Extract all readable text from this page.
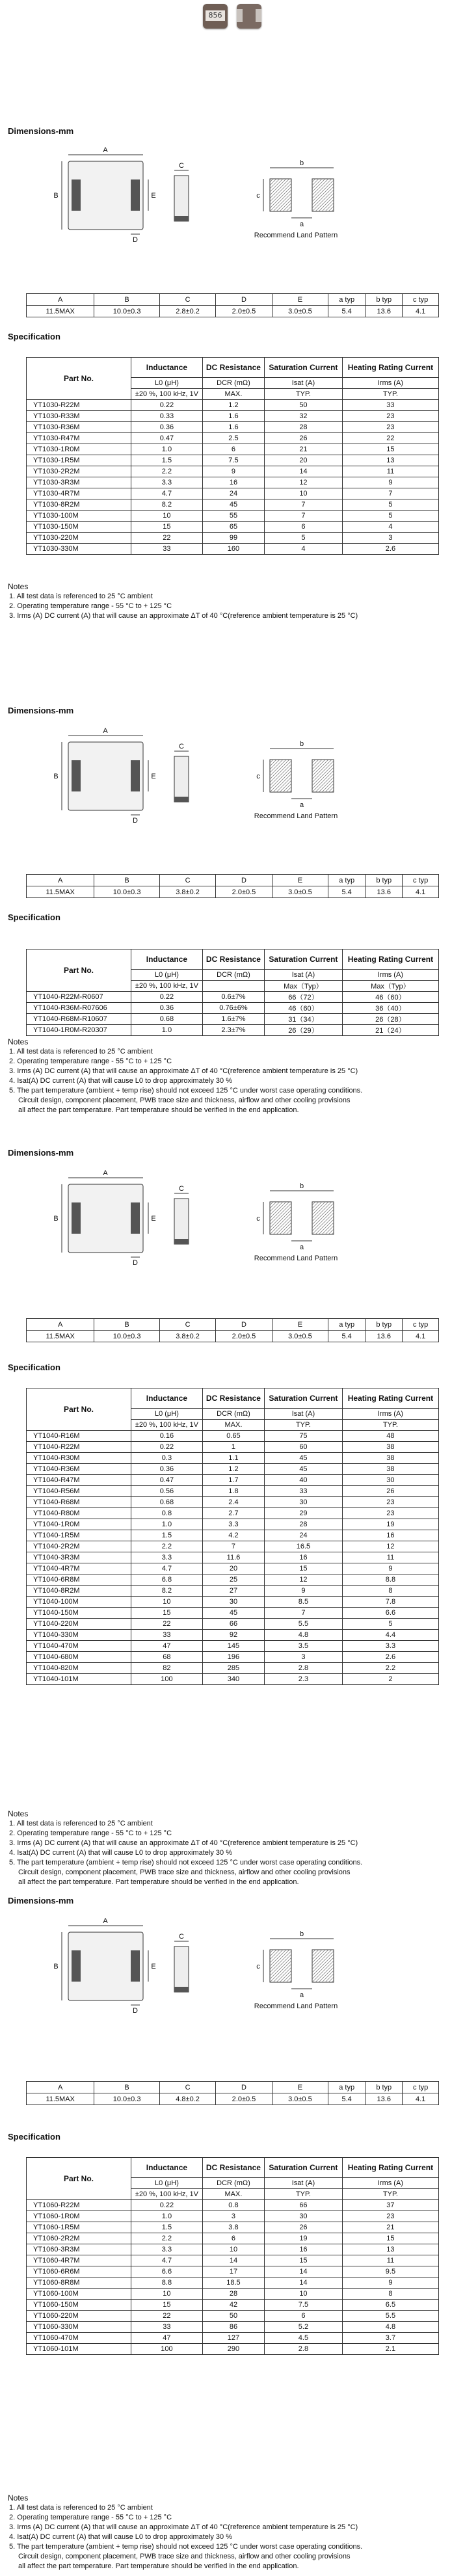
856
Dimensions-mm
A
B
D
E
C	b
c
a
Recommend Land Pattern
A	B	C	D	E	a typ	b typ	c typ
11.5MAX	10.0±0.3	2.8±0.2	2.0±0.5	3.0±0.5	5.4	13.6	4.1
Specification
Part No.	Inductance	DC Resistance	Saturation Current	Heating Rating Current
	L0 (μH)	DCR (mΩ)	Isat (A)	Irms (A)
	±20 %, 100 kHz, 1V	MAX.	TYP.	TYP.
YT1030-R22M	0.22	1.2	50	33
YT1030-R33M	0.33	1.6	32	23
YT1030-R36M	0.36	1.6	28	23
YT1030-R47M	0.47	2.5	26	22
YT1030-1R0M	1.0	6	21	15
YT1030-1R5M	1.5	7.5	20	13
YT1030-2R2M	2.2	9	14	11
YT1030-3R3M	3.3	16	12	9
YT1030-4R7M	4.7	24	10	7
YT1030-8R2M	8.2	45	7	5
YT1030-100M	10	55	7	5
YT1030-150M	15	65	6	4
YT1030-220M	22	99	5	3
YT1030-330M	33	160	4	2.6
Notes
1. All test data is referenced to 25 °C ambient
2. Operating temperature range - 55 °C to + 125 °C
3. Irms (A) DC current (A) that will cause an approximate ΔT of 40 °C(reference ambient temperature is 25 °C)
Dimensions-mm
A
B
D
E
C	b
c
a
Recommend Land Pattern
A	B	C	D	E	a typ	b typ	c typ
11.5MAX	10.0±0.3	3.8±0.2	2.0±0.5	3.0±0.5	5.4	13.6	4.1
Specification
Part No.	Inductance	DC Resistance	Saturation Current	Heating Rating Current
	L0 (μH)	DCR (mΩ)	Isat (A)	Irms (A)
	±20 %, 100 kHz, 1V		Max（Typ）	Max（Typ）
YT1040-R22M-R0607	0.22	0.6±7%	66（72）	46（60）
YT1040-R36M-R07606	0.36	0.76±6%	46（60）	36（40）
YT1040-R68M-R10607	0.68	1.6±7%	31（34）	26（28）
YT1040-1R0M-R20307	1.0	2.3±7%	26（29）	21（24）
Notes
1. All test data is referenced to 25 °C ambient
2. Operating temperature range - 55 °C to + 125 °C
3. Irms (A) DC current (A) that will cause an approximate ΔT of 40 °C(reference ambient temperature is 25 °C)
4. Isat(A) DC current (A) that will cause L0 to drop approximately 30 %
5. The part temperature (ambient + temp rise) should not exceed 125 °C under worst case operating conditions.
Circuit design, component placement, PWB trace size and thickness, airflow and other cooling provisions
all affect the part temperature. Part temperature should be verified in the end application.
Dimensions-mm
A
B
D
E
C	b
c
a
Recommend Land Pattern
A	B	C	D	E	a typ	b typ	c typ
11.5MAX	10.0±0.3	3.8±0.2	2.0±0.5	3.0±0.5	5.4	13.6	4.1
Specification
Part No.	Inductance	DC Resistance	Saturation Current	Heating Rating Current
	L0 (μH)	DCR (mΩ)	Isat (A)	Irms (A)
	±20 %, 100 kHz, 1V	MAX.	TYP.	TYP.
YT1040-R16M	0.16	0.65	75	48
YT1040-R22M	0.22	1	60	38
YT1040-R30M	0.3	1.1	45	38
YT1040-R36M	0.36	1.2	45	38
YT1040-R47M	0.47	1.7	40	30
YT1040-R56M	0.56	1.8	33	26
YT1040-R68M	0.68	2.4	30	23
YT1040-R80M	0.8	2.7	29	23
YT1040-1R0M	1.0	3.3	28	19
YT1040-1R5M	1.5	4.2	24	16
YT1040-2R2M	2.2	7	16.5	12
YT1040-3R3M	3.3	11.6	16	11
YT1040-4R7M	4.7	20	15	9
YT1040-6R8M	6.8	25	12	8.8
YT1040-8R2M	8.2	27	9	8
YT1040-100M	10	30	8.5	7.8
YT1040-150M	15	45	7	6.6
YT1040-220M	22	66	5.5	5
YT1040-330M	33	92	4.8	4.4
YT1040-470M	47	145	3.5	3.3
YT1040-680M	68	196	3	2.6
YT1040-820M	82	285	2.8	2.2
YT1040-101M	100	340	2.3	2
Notes
1. All test data is referenced to 25 °C ambient
2. Operating temperature range - 55 °C to + 125 °C
3. Irms (A) DC current (A) that will cause an approximate ΔT of 40 °C(reference ambient temperature is 25 °C)
4. Isat(A) DC current (A) that will cause L0 to drop approximately 30 %
5. The part temperature (ambient + temp rise) should not exceed 125 °C under worst case operating conditions.
Circuit design, component placement, PWB trace size and thickness, airflow and other cooling provisions
all affect the part temperature. Part temperature should be verified in the end application.
Dimensions-mm
A
B
D
E
C	b
c
a
Recommend Land Pattern
A	B	C	D	E	a typ	b typ	c typ
11.5MAX	10.0±0.3	4.8±0.2	2.0±0.5	3.0±0.5	5.4	13.6	4.1
Specification
Part No.	Inductance	DC Resistance	Saturation Current	Heating Rating Current
	L0 (μH)	DCR (mΩ)	Isat (A)	Irms (A)
	±20 %, 100 kHz, 1V	MAX.	TYP.	TYP.
YT1060-R22M	0.22	0.8	66	37
YT1060-1R0M	1.0	3	30	23
YT1060-1R5M	1.5	3.8	26	21
YT1060-2R2M	2.2	6	19	15
YT1060-3R3M	3.3	10	16	13
YT1060-4R7M	4.7	14	15	11
YT1060-6R6M	6.6	17	14	9.5
YT1060-8R8M	8.8	18.5	14	9
YT1060-100M	10	28	10	8
YT1060-150M	15	42	7.5	6.5
YT1060-220M	22	50	6	5.5
YT1060-330M	33	86	5.2	4.8
YT1060-470M	47	127	4.5	3.7
YT1060-101M	100	290	2.8	2.1
Notes
1. All test data is referenced to 25 °C ambient
2. Operating temperature range - 55 °C to + 125 °C
3. Irms (A) DC current (A) that will cause an approximate ΔT of 40 °C(reference ambient temperature is 25 °C)
4. Isat(A) DC current (A) that will cause L0 to drop approximately 30 %
5. The part temperature (ambient + temp rise) should not exceed 125 °C under worst case operating conditions.
Circuit design, component placement, PWB trace size and thickness, airflow and other cooling provisions
all affect the part temperature. Part temperature should be verified in the end application.
